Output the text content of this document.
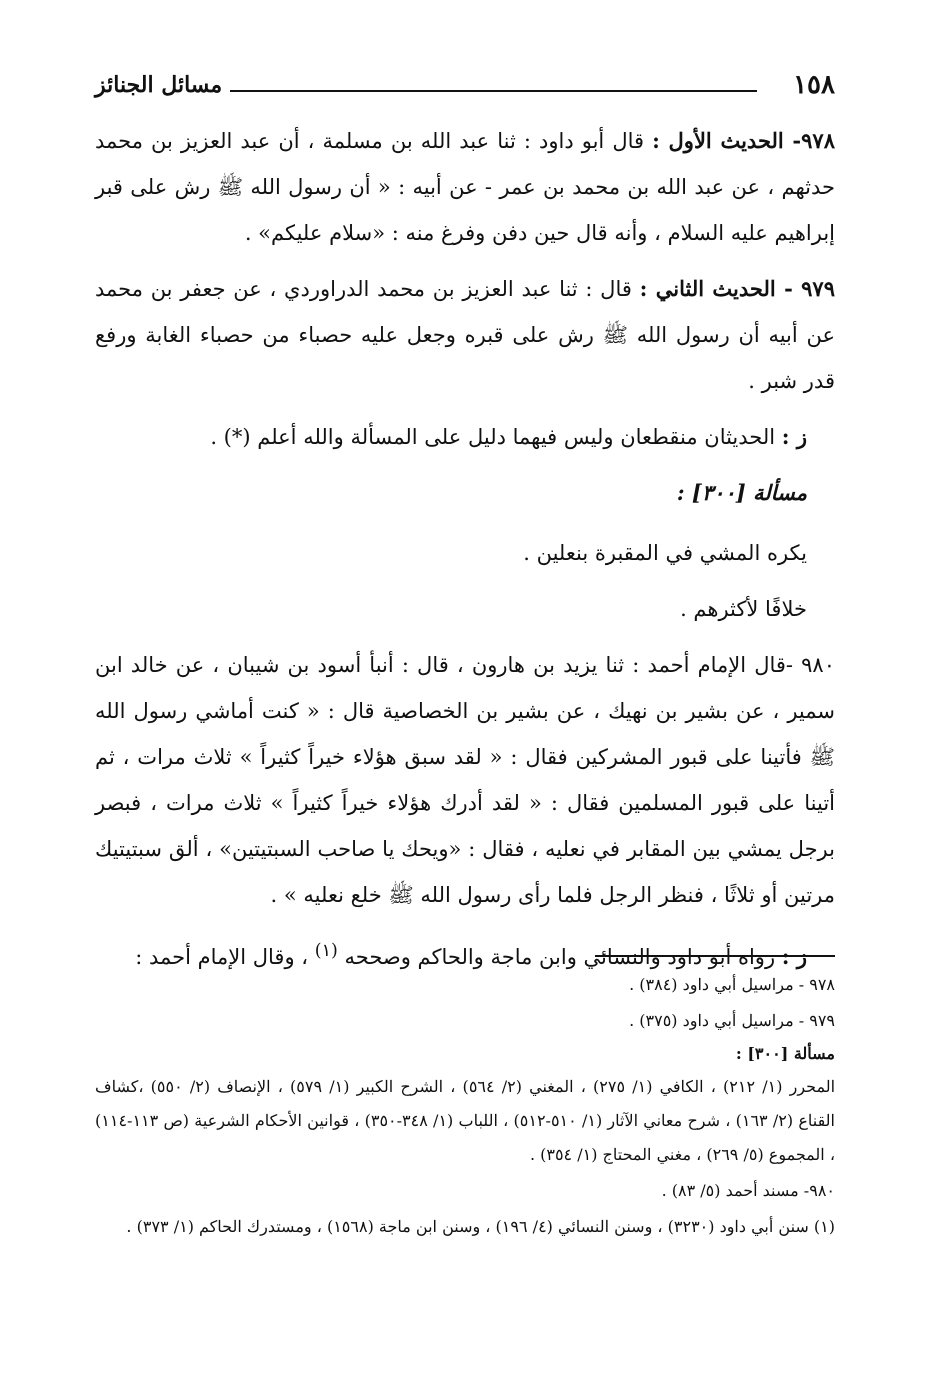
١٥٨
مسائل الجنائز

٩٧٨- الحديث الأول : قال أبو داود : ثنا عبد الله بن مسلمة ، أن عبد العزيز بن محمد حدثهم ، عن عبد الله بن محمد بن عمر - عن أبيه : « أن رسول الله ﷺ رش على قبر إبراهيم عليه السلام ، وأنه قال حين دفن وفرغ منه : «سلام عليكم» .

٩٧٩ - الحديث الثاني : قال : ثنا عبد العزيز بن محمد الدراوردي ، عن جعفر بن محمد عن أبيه أن رسول الله ﷺ رش على قبره وجعل عليه حصباء من حصباء الغابة ورفع قدر شبر .

ز : الحديثان منقطعان وليس فيهما دليل على المسألة والله أعلم (*) .

مسألة [٣٠٠] :

يكره المشي في المقبرة بنعلين .

خلافًا لأكثرهم .

٩٨٠ -قال الإمام أحمد : ثنا يزيد بن هارون ، قال : أنبأ أسود بن شيبان ، عن خالد ابن سمير ، عن بشير بن نهيك ، عن بشير بن الخصاصية قال : « كنت أماشي رسول الله ﷺ فأتينا على قبور المشركين فقال : « لقد سبق هؤلاء خيراً كثيراً » ثلاث مرات ، ثم أتينا على قبور المسلمين فقال : « لقد أدرك هؤلاء خيراً كثيراً » ثلاث مرات ، فبصر برجل يمشي بين المقابر في نعليه ، فقال : «ويحك يا صاحب السبتيتين» ، ألق سبتيتيك مرتين أو ثلاثًا ، فنظر الرجل فلما رأى رسول الله ﷺ خلع نعليه » .

ز : رواه أبو داود والنسائي وابن ماجة والحاكم وصححه $^{(١)}$ ، وقال الإمام أحمد :

٩٧٨ - مراسيل أبي داود (٣٨٤) .

٩٧٩ - مراسيل أبي داود (٣٧٥) .

مسألة [٣٠٠] :

المحرر (١/ ٢١٢) ، الكافي (١/ ٢٧٥) ، المغني (٢/ ٥٦٤) ، الشرح الكبير (١/ ٥٧٩) ، الإنصاف (٢/ ٥٥٠) ،كشاف القناع (٢/ ١٦٣) ، شرح معاني الآثار (١/ ٥١٠-٥١٢) ، اللباب (١/ ٣٤٨-٣٥٠) ، قوانين الأحكام الشرعية (ص ١١٣-١١٤) ، المجموع (٥/ ٢٦٩) ، مغني المحتاج (١/ ٣٥٤) .

٩٨٠- مسند أحمد (٥/ ٨٣) .

(١) سنن أبي داود (٣٢٣٠) ، وسنن النسائي (٤/ ١٩٦) ، وسنن ابن ماجة (١٥٦٨) ، ومستدرك الحاكم (١/ ٣٧٣) .
